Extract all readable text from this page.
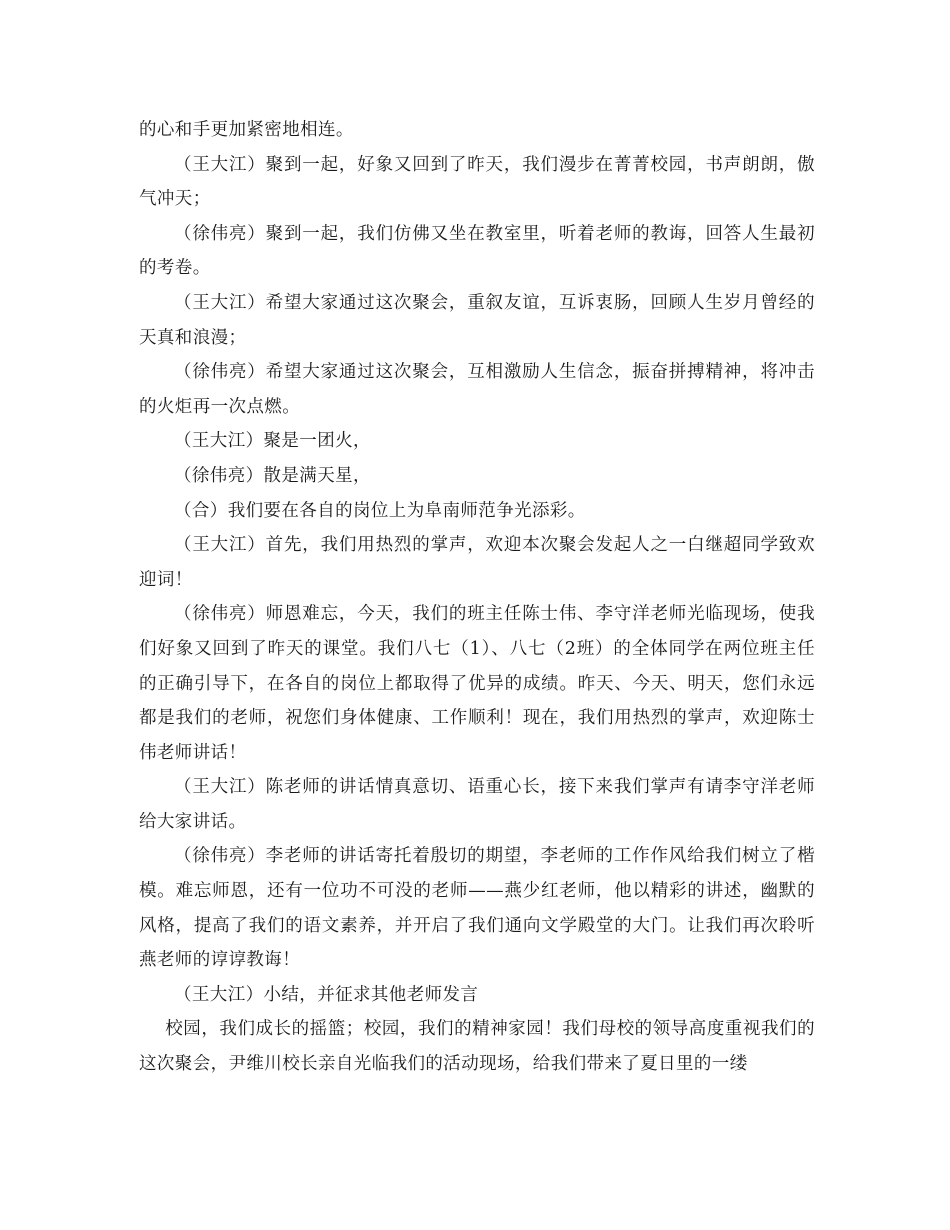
的心和手更加紧密地相连。

（王大江）聚到一起，好象又回到了昨天，我们漫步在菁菁校园，书声朗朗，傲气冲天；

（徐伟亮）聚到一起，我们仿佛又坐在教室里，听着老师的教诲，回答人生最初的考卷。

（王大江）希望大家通过这次聚会，重叙友谊，互诉衷肠，回顾人生岁月曾经的天真和浪漫；

（徐伟亮）希望大家通过这次聚会，互相激励人生信念，振奋拼搏精神，将冲击的火炬再一次点燃。

（王大江）聚是一团火，

（徐伟亮）散是满天星，

（合）我们要在各自的岗位上为阜南师范争光添彩。

（王大江）首先，我们用热烈的掌声，欢迎本次聚会发起人之一白继超同学致欢迎词！

（徐伟亮）师恩难忘，今天，我们的班主任陈士伟、李守洋老师光临现场，使我们好象又回到了昨天的课堂。我们八七（1）、八七（2班）的全体同学在两位班主任的正确引导下，在各自的岗位上都取得了优异的成绩。昨天、今天、明天，您们永远都是我们的老师，祝您们身体健康、工作顺利！现在，我们用热烈的掌声，欢迎陈士伟老师讲话！

（王大江）陈老师的讲话情真意切、语重心长，接下来我们掌声有请李守洋老师给大家讲话。

（徐伟亮）李老师的讲话寄托着殷切的期望，李老师的工作作风给我们树立了楷模。难忘师恩，还有一位功不可没的老师——燕少红老师，他以精彩的讲述，幽默的风格，提高了我们的语文素养，并开启了我们通向文学殿堂的大门。让我们再次聆听燕老师的谆谆教诲！

（王大江）小结，并征求其他老师发言

校园，我们成长的摇篮；校园，我们的精神家园！我们母校的领导高度重视我们的这次聚会，尹维川校长亲自光临我们的活动现场，给我们带来了夏日里的一缕
